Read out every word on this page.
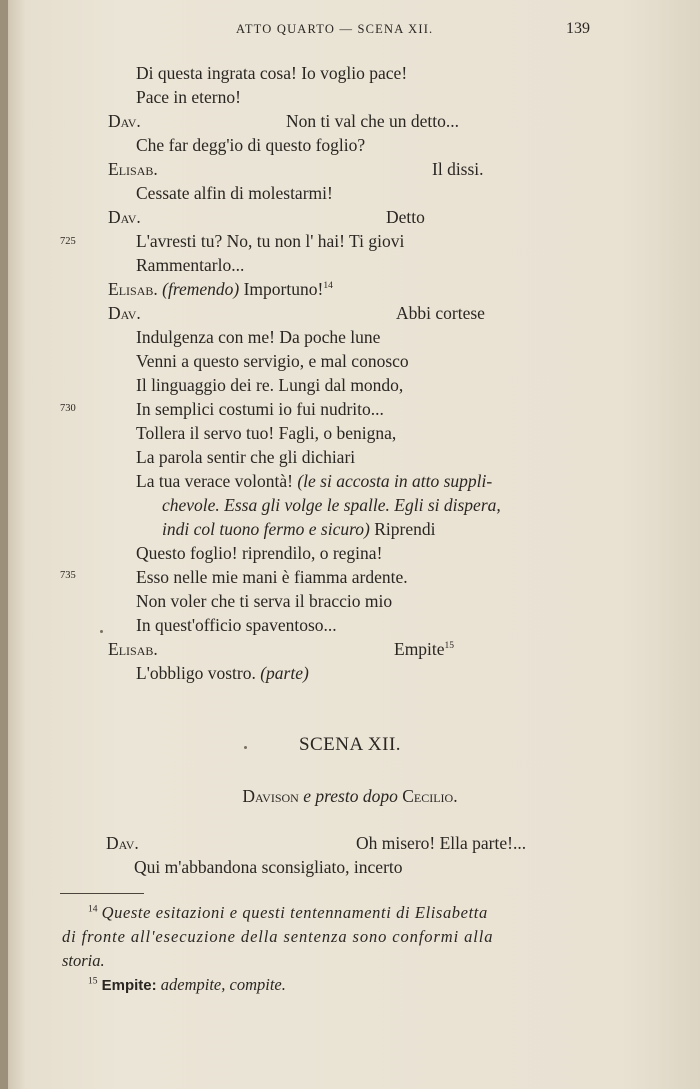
ATTO QUARTO — SCENA XII.	139
Di questa ingrata cosa! Io voglio pace!
Pace in eterno!
Dav.	Non ti val che un detto...
Che far degg'io di questo foglio?
Elisab.	Il dissi.
Cessate alfin di molestarmi!
Dav.	Detto
725	L'avresti tu? No, tu non l' hai! Ti giovi
Rammentarlo...
Elisab. (fremendo) Importuno!$^{14}$
Dav.	Abbi cortese
Indulgenza con me! Da poche lune
Venni a questo servigio, e mal conosco
Il linguaggio dei re. Lungi dal mondo,
730	In semplici costumi io fui nudrito...
Tollera il servo tuo! Fagli, o benigna,
La parola sentir che gli dichiari
La tua verace volontà! (le si accosta in atto suppli-
chevole. Essa gli volge le spalle. Egli si dispera,
indi col tuono fermo e sicuro) Riprendi
Questo foglio! riprendilo, o regina!
735	Esso nelle mie mani è fiamma ardente.
Non voler che ti serva il braccio mio
In quest'officio spaventoso...
Elisab.	Empite$^{15}$
L'obbligo vostro. (parte)
SCENA XII.
Davison e presto dopo Cecilio.
Dav.	Oh misero! Ella parte!...
Qui m'abbandona sconsigliato, incerto
$^{14}$ Queste esitazioni e questi tentennamenti di Elisabetta
di fronte all'esecuzione della sentenza sono conformi alla
storia.
$^{15}$ Empite: adempite, compite.
